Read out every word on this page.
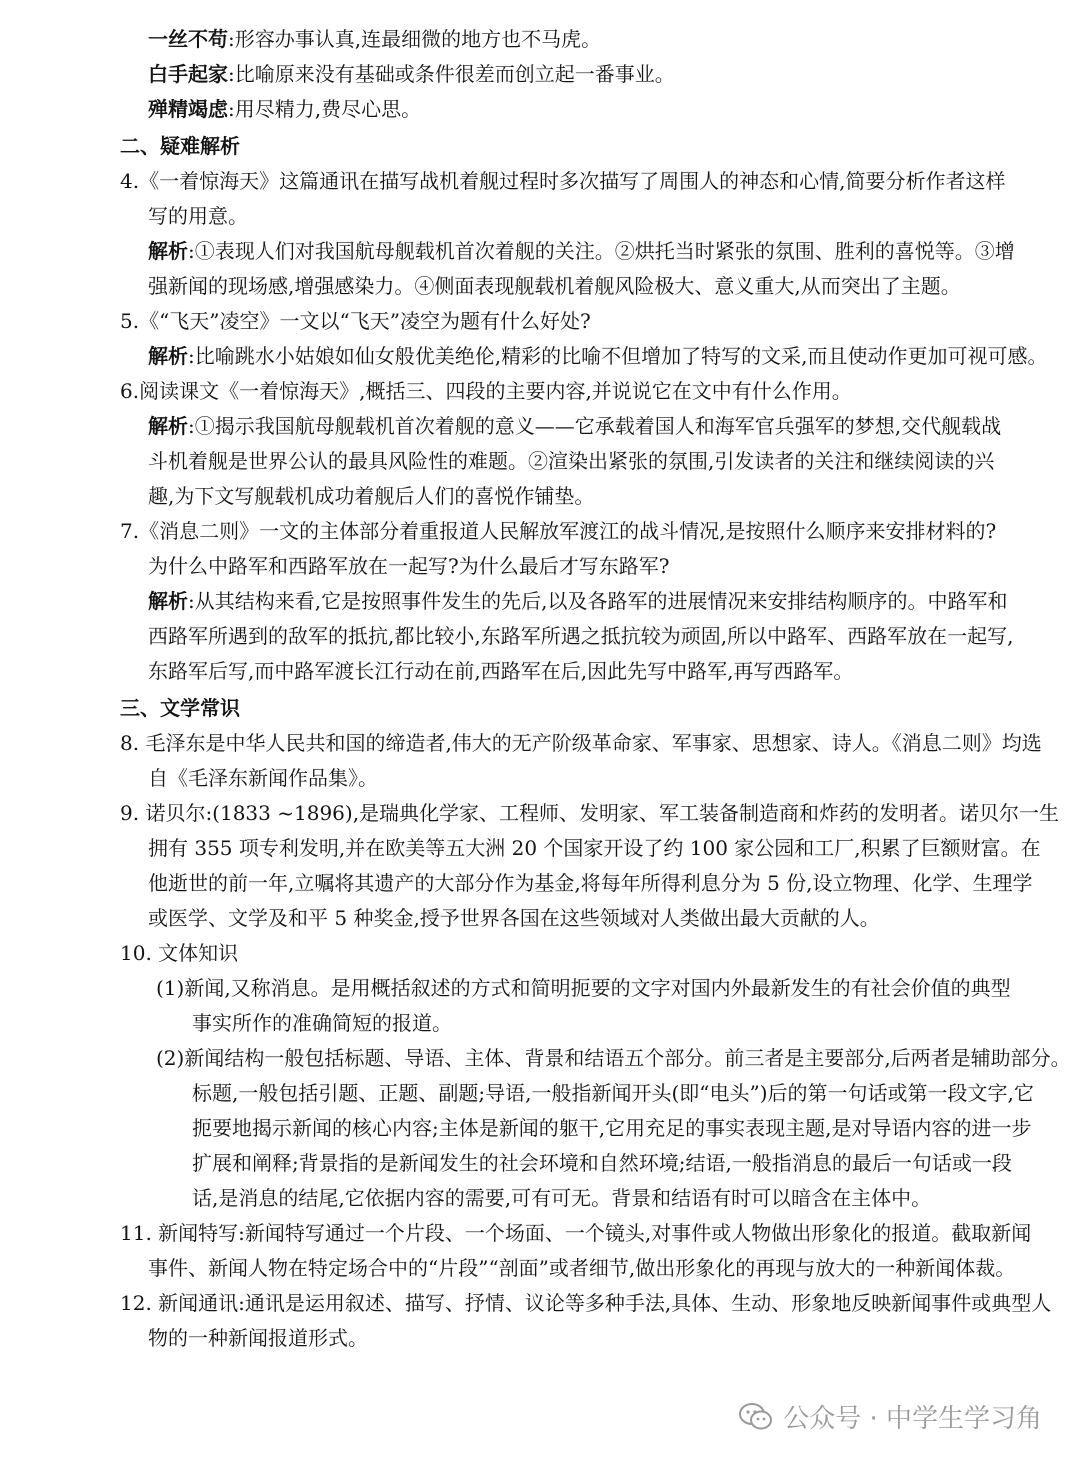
一丝不苟:形容办事认真,连最细微的地方也不马虎。

白手起家:比喻原来没有基础或条件很差而创立起一番事业。

殚精竭虑:用尽精力,费尽心思。

二、疑难解析

4.《一着惊海天》这篇通讯在描写战机着舰过程时多次描写了周围人的神态和心情,简要分析作者这样

写的用意。

解析:①表现人们对我国航母舰载机首次着舰的关注。②烘托当时紧张的氛围、胜利的喜悦等。③增

强新闻的现场感,增强感染力。④侧面表现舰载机着舰风险极大、意义重大,从而突出了主题。

5.《“飞天”凌空》一文以“飞天”凌空为题有什么好处?

解析:比喻跳水小姑娘如仙女般优美绝伦,精彩的比喻不但增加了特写的文采,而且使动作更加可视可感。

6.阅读课文《一着惊海天》,概括三、四段的主要内容,并说说它在文中有什么作用。

解析:①揭示我国航母舰载机首次着舰的意义——它承载着国人和海军官兵强军的梦想,交代舰载战

斗机着舰是世界公认的最具风险性的难题。②渲染出紧张的氛围,引发读者的关注和继续阅读的兴

趣,为下文写舰载机成功着舰后人们的喜悦作铺垫。

7.《消息二则》一文的主体部分着重报道人民解放军渡江的战斗情况,是按照什么顺序来安排材料的?

为什么中路军和西路军放在一起写?为什么最后才写东路军?

解析:从其结构来看,它是按照事件发生的先后,以及各路军的进展情况来安排结构顺序的。中路军和

西路军所遇到的敌军的抵抗,都比较小,东路军所遇之抵抗较为顽固,所以中路军、西路军放在一起写,

东路军后写,而中路军渡长江行动在前,西路军在后,因此先写中路军,再写西路军。

三、文学常识

8. 毛泽东是中华人民共和国的缔造者,伟大的无产阶级革命家、军事家、思想家、诗人。《消息二则》均选

自《毛泽东新闻作品集》。

9. 诺贝尔:(1833 ~1896),是瑞典化学家、工程师、发明家、军工装备制造商和炸药的发明者。诺贝尔一生

拥有 355 项专利发明,并在欧美等五大洲 20 个国家开设了约 100 家公园和工厂,积累了巨额财富。在

他逝世的前一年,立嘱将其遗产的大部分作为基金,将每年所得利息分为 5 份,设立物理、化学、生理学

或医学、文学及和平 5 种奖金,授予世界各国在这些领域对人类做出最大贡献的人。

10. 文体知识

(1)新闻,又称消息。是用概括叙述的方式和简明扼要的文字对国内外最新发生的有社会价值的典型

事实所作的准确简短的报道。

(2)新闻结构一般包括标题、导语、主体、背景和结语五个部分。前三者是主要部分,后两者是辅助部分。

标题,一般包括引题、正题、副题;导语,一般指新闻开头(即“电头”)后的第一句话或第一段文字,它

扼要地揭示新闻的核心内容;主体是新闻的躯干,它用充足的事实表现主题,是对导语内容的进一步

扩展和阐释;背景指的是新闻发生的社会环境和自然环境;结语,一般指消息的最后一句话或一段

话,是消息的结尾,它依据内容的需要,可有可无。背景和结语有时可以暗含在主体中。

11. 新闻特写:新闻特写通过一个片段、一个场面、一个镜头,对事件或人物做出形象化的报道。截取新闻

事件、新闻人物在特定场合中的“片段”“剖面”或者细节,做出形象化的再现与放大的一种新闻体裁。

12. 新闻通讯:通讯是运用叙述、描写、抒情、议论等多种手法,具体、生动、形象地反映新闻事件或典型人

物的一种新闻报道形式。

公众号 · 中学生学习角
